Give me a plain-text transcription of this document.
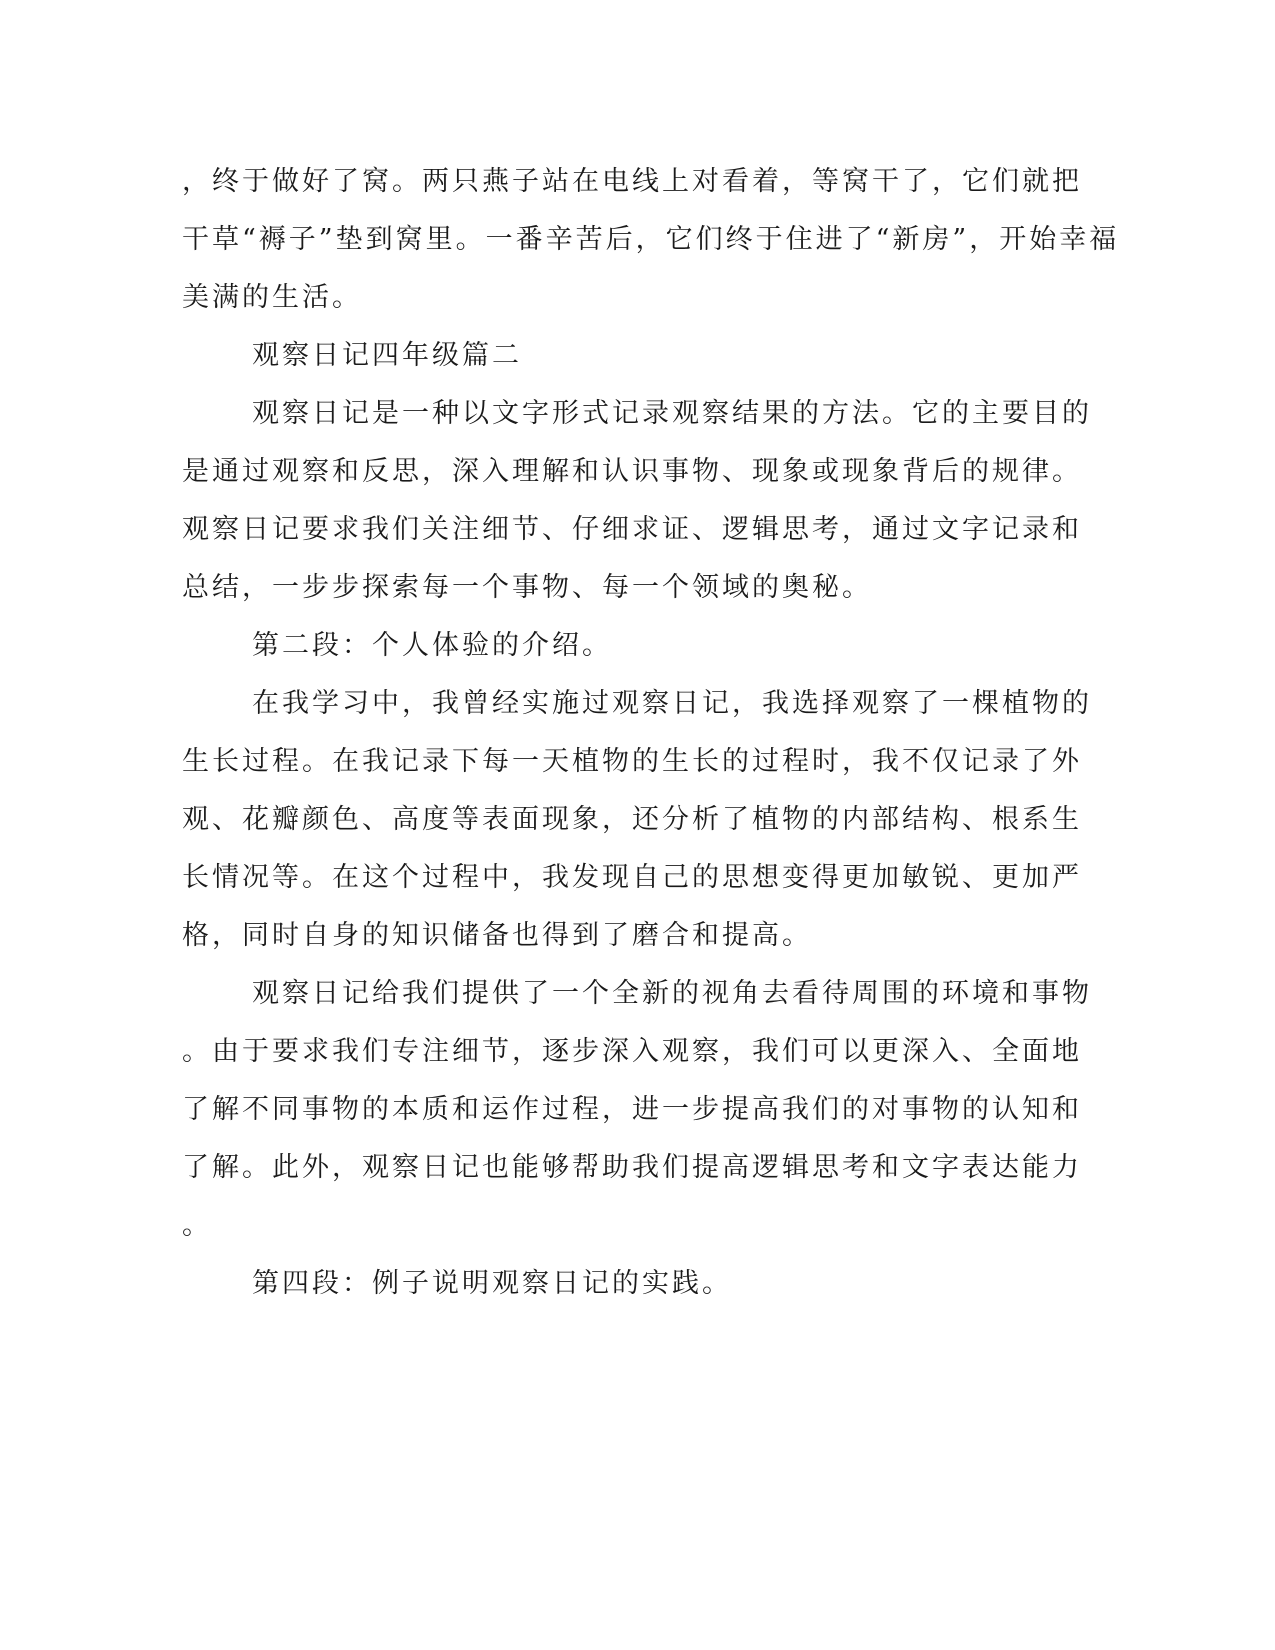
，终于做好了窝。两只燕子站在电线上对看着，等窝干了，它们就把
干草“褥子”垫到窝里。一番辛苦后，它们终于住进了“新房”，开始幸福
美满的生活。
观察日记四年级篇二
观察日记是一种以文字形式记录观察结果的方法。它的主要目的
是通过观察和反思，深入理解和认识事物、现象或现象背后的规律。
观察日记要求我们关注细节、仔细求证、逻辑思考，通过文字记录和
总结，一步步探索每一个事物、每一个领域的奥秘。
第二段：个人体验的介绍。
在我学习中，我曾经实施过观察日记，我选择观察了一棵植物的
生长过程。在我记录下每一天植物的生长的过程时，我不仅记录了外
观、花瓣颜色、高度等表面现象，还分析了植物的内部结构、根系生
长情况等。在这个过程中，我发现自己的思想变得更加敏锐、更加严
格，同时自身的知识储备也得到了磨合和提高。
观察日记给我们提供了一个全新的视角去看待周围的环境和事物
。由于要求我们专注细节，逐步深入观察，我们可以更深入、全面地
了解不同事物的本质和运作过程，进一步提高我们的对事物的认知和
了解。此外，观察日记也能够帮助我们提高逻辑思考和文字表达能力
。
第四段：例子说明观察日记的实践。
